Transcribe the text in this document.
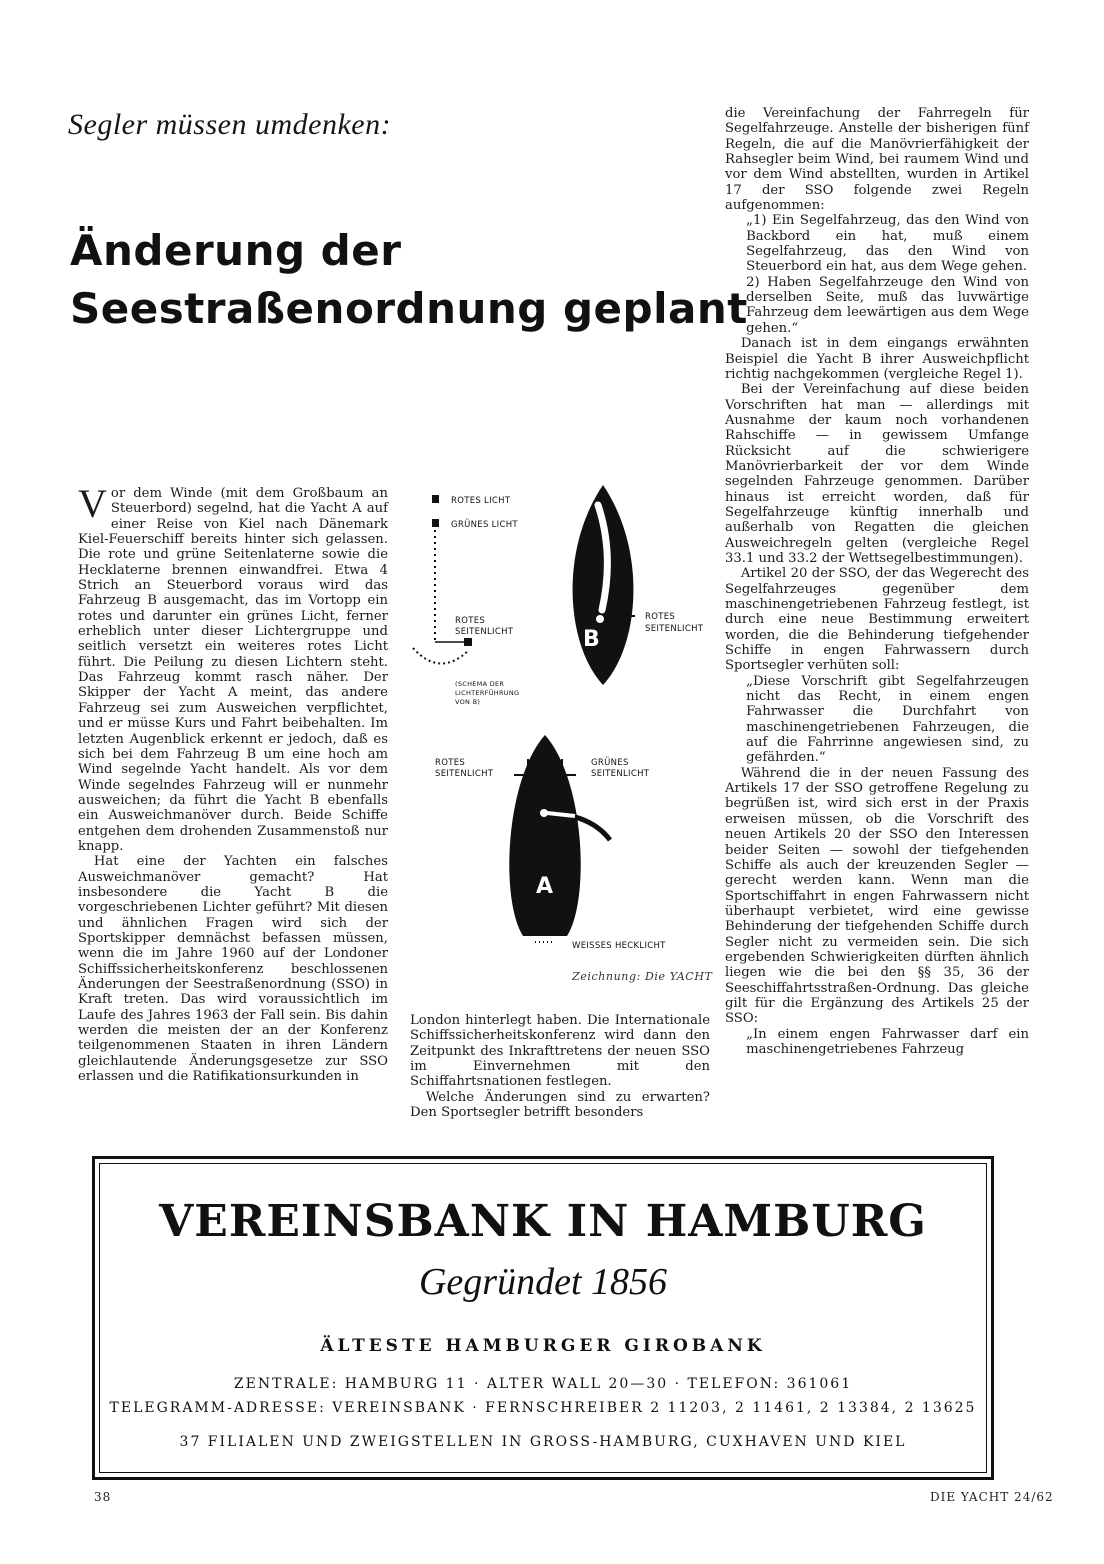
Segler müssen umdenken:
Änderung der
Seestraßenordnung geplant

Vor dem Winde (mit dem Großbaum an Steuerbord) segelnd, hat die Yacht A auf einer Reise von Kiel nach Dänemark Kiel-Feuerschiff bereits hinter sich gelassen. Die rote und grüne Seitenlaterne sowie die Hecklaterne brennen einwandfrei. Etwa 4 Strich an Steuerbord voraus wird das Fahrzeug B ausgemacht, das im Vortopp ein rotes und darunter ein grünes Licht, ferner erheblich unter dieser Lichtergruppe und seitlich versetzt ein weiteres rotes Licht führt. Die Peilung zu diesen Lichtern steht. Das Fahrzeug kommt rasch näher. Der Skipper der Yacht A meint, das andere Fahrzeug sei zum Ausweichen verpflichtet, und er müsse Kurs und Fahrt beibehalten. Im letzten Augenblick erkennt er jedoch, daß es sich bei dem Fahrzeug B um eine hoch am Wind segelnde Yacht handelt. Als vor dem Winde segelndes Fahrzeug will er nunmehr ausweichen; da führt die Yacht B ebenfalls ein Ausweichmanöver durch. Beide Schiffe entgehen dem drohenden Zusammenstoß nur knapp.

Hat eine der Yachten ein falsches Ausweichmanöver gemacht? Hat insbesondere die Yacht B die vorgeschriebenen Lichter geführt? Mit diesen und ähnlichen Fragen wird sich der Sportskipper demnächst befassen müssen, wenn die im Jahre 1960 auf der Londoner Schiffssicherheitskonferenz beschlossenen Änderungen der Seestraßenordnung (SSO) in Kraft treten. Das wird voraussichtlich im Laufe des Jahres 1963 der Fall sein. Bis dahin werden die meisten der an der Konferenz teilgenommenen Staaten in ihren Ländern gleichlautende Änderungsgesetze zur SSO erlassen und die Ratifikationsurkunden in

ROTES LICHT
GRÜNES LICHT
ROTES
SEITENLICHT
(SCHEMA DER
LICHTERFÜHRUNG
VON B)
B
ROTES
SEITENLICHT
A
ROTES
SEITENLICHT
GRÜNES
SEITENLICHT
WEISSES HECKLICHT
Zeichnung: Die YACHT

London hinterlegt haben. Die Internationale Schiffssicherheitskonferenz wird dann den Zeitpunkt des Inkrafttretens der neuen SSO im Einvernehmen mit den Schiffahrtsnationen festlegen.

Welche Änderungen sind zu erwarten? Den Sportsegler betrifft besonders

die Vereinfachung der Fahrregeln für Segelfahrzeuge. Anstelle der bisherigen fünf Regeln, die auf die Manövrierfähigkeit der Rahsegler beim Wind, bei raumem Wind und vor dem Wind abstellten, wurden in Artikel 17 der SSO folgende zwei Regeln aufgenommen:

„1) Ein Segelfahrzeug, das den Wind von Backbord ein hat, muß einem Segelfahrzeug, das den Wind von Steuerbord ein hat, aus dem Wege gehen.

2) Haben Segelfahrzeuge den Wind von derselben Seite, muß das luvwärtige Fahrzeug dem leewärtigen aus dem Wege gehen.“

Danach ist in dem eingangs erwähnten Beispiel die Yacht B ihrer Ausweichpflicht richtig nachgekommen (vergleiche Regel 1).

Bei der Vereinfachung auf diese beiden Vorschriften hat man — allerdings mit Ausnahme der kaum noch vorhandenen Rahschiffe — in gewissem Umfange Rücksicht auf die schwierigere Manövrierbarkeit der vor dem Winde segelnden Fahrzeuge genommen. Darüber hinaus ist erreicht worden, daß für Segelfahrzeuge künftig innerhalb und außerhalb von Regatten die gleichen Ausweichregeln gelten (vergleiche Regel 33.1 und 33.2 der Wettsegelbestimmungen).

Artikel 20 der SSO, der das Wegerecht des Segelfahrzeuges gegenüber dem maschinengetriebenen Fahrzeug festlegt, ist durch eine neue Bestimmung erweitert worden, die die Behinderung tiefgehender Schiffe in engen Fahrwassern durch Sportsegler verhüten soll:

„Diese Vorschrift gibt Segelfahrzeugen nicht das Recht, in einem engen Fahrwasser die Durchfahrt von maschinengetriebenen Fahrzeugen, die auf die Fahrrinne angewiesen sind, zu gefährden.“

Während die in der neuen Fassung des Artikels 17 der SSO getroffene Regelung zu begrüßen ist, wird sich erst in der Praxis erweisen müssen, ob die Vorschrift des neuen Artikels 20 der SSO den Interessen beider Seiten — sowohl der tiefgehenden Schiffe als auch der kreuzenden Segler — gerecht werden kann. Wenn man die Sportschiffahrt in engen Fahrwassern nicht überhaupt verbietet, wird eine gewisse Behinderung der tiefgehenden Schiffe durch Segler nicht zu vermeiden sein. Die sich ergebenden Schwierigkeiten dürften ähnlich liegen wie die bei den §§ 35, 36 der Seeschiffahrtsstraßen-Ordnung. Das gleiche gilt für die Ergänzung des Artikels 25 der SSO:

„In einem engen Fahrwasser darf ein maschinengetriebenes Fahrzeug

VEREINSBANK IN HAMBURG
Gegründet 1856
ÄLTESTE HAMBURGER GIROBANK
ZENTRALE: HAMBURG 11 · ALTER WALL 20—30 · TELEFON: 361061
TELEGRAMM-ADRESSE: VEREINSBANK · FERNSCHREIBER 2 11203, 2 11461, 2 13384, 2 13625
37 FILIALEN UND ZWEIGSTELLEN IN GROSS-HAMBURG, CUXHAVEN UND KIEL
38	DIE YACHT 24/62
